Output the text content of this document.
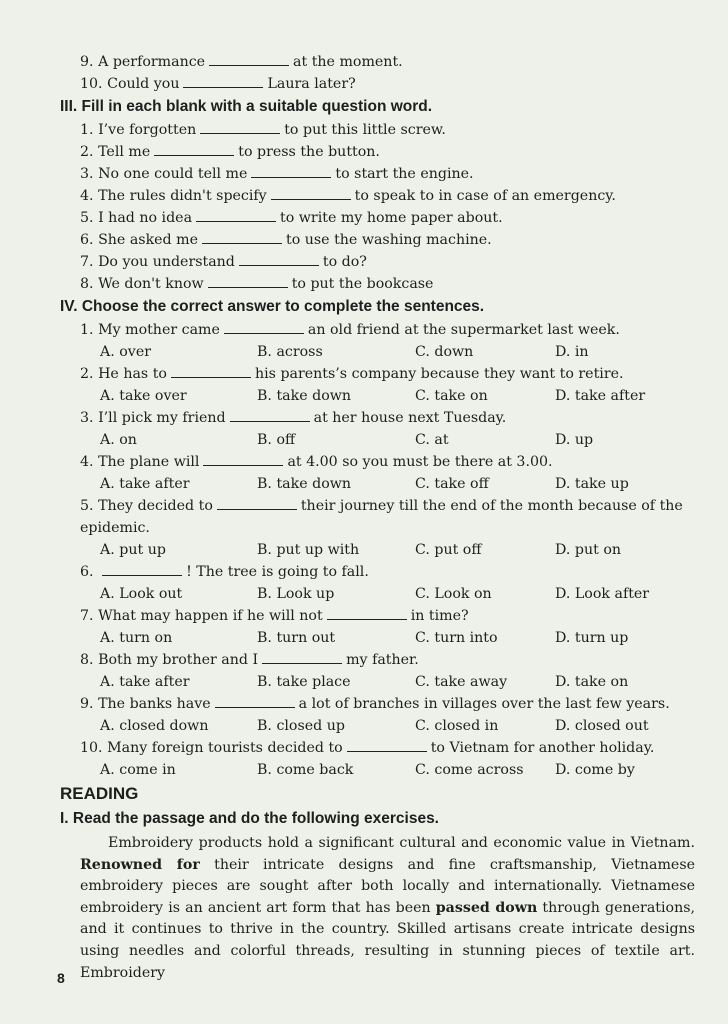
9. A performance	at the moment.
10. Could you	Laura later?
III. Fill in each blank with a suitable question word.
1. I’ve forgotten	to put this little screw.
2. Tell me	to press the button.
3. No one could tell me	to start the engine.
4. The rules didn't specify	to speak to in case of an emergency.
5. I had no idea	to write my home paper about.
6. She asked me	to use the washing machine.
7. Do you understand	to do?
8. We don't know	to put the bookcase
IV. Choose the correct answer to complete the sentences.
1. My mother came	an old friend at the supermarket last week.
A. over	B. across	C. down	D. in
2. He has to	his parents’s company because they want to retire.
A. take over	B. take down	C. take on	D. take after
3. I’ll pick my friend	at her house next Tuesday.
A. on	B. off	C. at	D. up
4. The plane will	at 4.00 so you must be there at 3.00.
A. take after	B. take down	C. take off	D. take up
5. They decided to	their journey till the end of the month because of the epidemic.
A. put up	B. put up with	C. put off	D. put on
6.	! The tree is going to fall.
A. Look out	B. Look up	C. Look on	D. Look after
7. What may happen if he will not	in time?
A. turn on	B. turn out	C. turn into	D. turn up
8. Both my brother and I	my father.
A. take after	B. take place	C. take away	D. take on
9. The banks have	a lot of branches in villages over the last few years.
A. closed down	B. closed up	C. closed in	D. closed out
10. Many foreign tourists decided to	to Vietnam for another holiday.
A. come in	B. come back	C. come across D. come by
READING
I. Read the passage and do the following exercises.
Embroidery products hold a significant cultural and economic value in Vietnam. Renowned for their intricate designs and fine craftsmanship, Vietnamese embroidery pieces are sought after both locally and internationally. Vietnamese embroidery is an ancient art form that has been passed down through generations, and it continues to thrive in the country. Skilled artisans create intricate designs using needles and colorful threads, resulting in stunning pieces of textile art. Embroidery
8
